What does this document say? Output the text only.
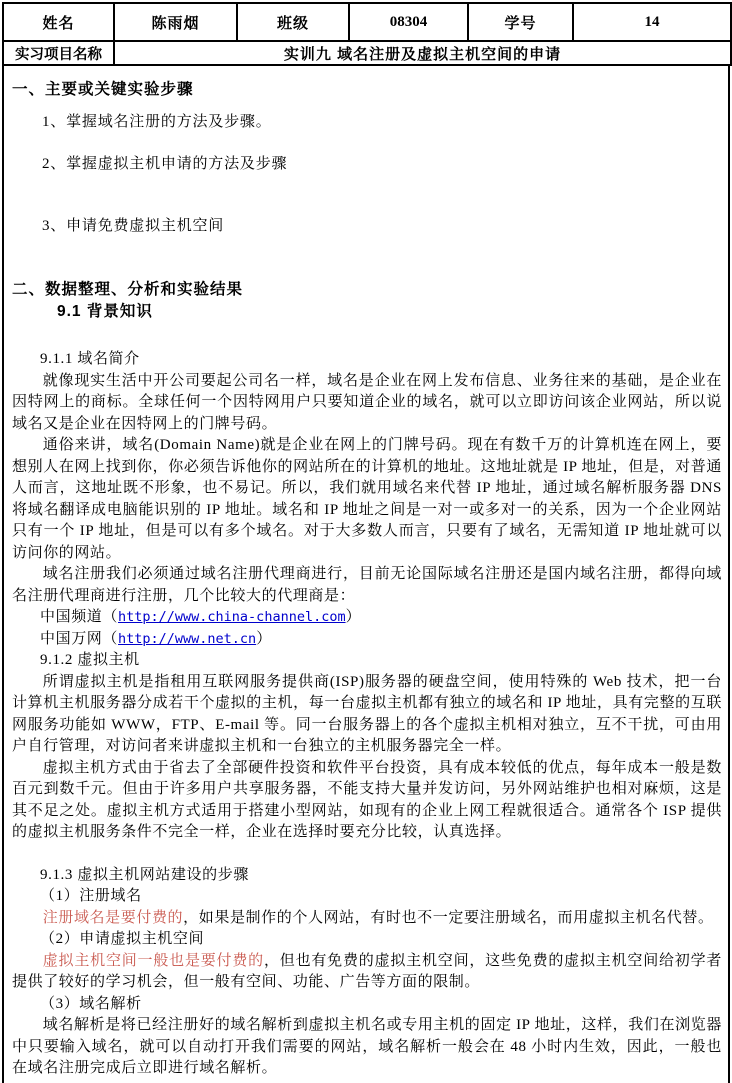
姓名	陈雨烟	班级	08304	学号	14
实习项目名称	实训九 域名注册及虚拟主机空间的申请				
一、主要或关键实验步骤
1、掌握域名注册的方法及步骤。
2、掌握虚拟主机申请的方法及步骤
3、申请免费虚拟主机空间
二、数据整理、分析和实验结果
9.1 背景知识
9.1.1 域名简介

就像现实生活中开公司要起公司名一样，域名是企业在网上发布信息、业务往来的基础，是企业在因特网上的商标。全球任何一个因特网用户只要知道企业的域名，就可以立即访问该企业网站，所以说域名又是企业在因特网上的门牌号码。

通俗来讲，域名(Domain Name)就是企业在网上的门牌号码。现在有数千万的计算机连在网上，要想别人在网上找到你，你必须告诉他你的网站所在的计算机的地址。这地址就是 IP 地址，但是，对普通人而言，这地址既不形象，也不易记。所以，我们就用域名来代替 IP 地址，通过域名解析服务器 DNS 将域名翻译成电脑能识别的 IP 地址。域名和 IP 地址之间是一对一或多对一的关系，因为一个企业网站只有一个 IP 地址，但是可以有多个域名。对于大多数人而言，只要有了域名，无需知道 IP 地址就可以访问你的网站。

域名注册我们必须通过域名注册代理商进行，目前无论国际域名注册还是国内域名注册，都得向域名注册代理商进行注册，几个比较大的代理商是：

中国频道（http://www.china-channel.com）
中国万网（http://www.net.cn）
9.1.2 虚拟主机

所谓虚拟主机是指租用互联网服务提供商(ISP)服务器的硬盘空间，使用特殊的 Web 技术，把一台计算机主机服务器分成若干个虚拟的主机，每一台虚拟主机都有独立的域名和 IP 地址，具有完整的互联网服务功能如 WWW，FTP、E-mail 等。同一台服务器上的各个虚拟主机相对独立，互不干扰，可由用户自行管理，对访问者来讲虚拟主机和一台独立的主机服务器完全一样。

虚拟主机方式由于省去了全部硬件投资和软件平台投资，具有成本较低的优点，每年成本一般是数百元到数千元。但由于许多用户共享服务器，不能支持大量并发访问，另外网站维护也相对麻烦，这是其不足之处。虚拟主机方式适用于搭建小型网站，如现有的企业上网工程就很适合。通常各个 ISP 提供的虚拟主机服务条件不完全一样，企业在选择时要充分比较，认真选择。

9.1.3 虚拟主机网站建设的步骤
（1）注册域名

注册域名是要付费的，如果是制作的个人网站，有时也不一定要注册域名，而用虚拟主机名代替。

（2）申请虚拟主机空间

虚拟主机空间一般也是要付费的，但也有免费的虚拟主机空间，这些免费的虚拟主机空间给初学者提供了较好的学习机会，但一般有空间、功能、广告等方面的限制。

（3）域名解析

域名解析是将已经注册好的域名解析到虚拟主机名或专用主机的固定 IP 地址，这样，我们在浏览器中只要输入域名，就可以自动打开我们需要的网站，域名解析一般会在 48 小时内生效，因此，一般也在域名注册完成后立即进行域名解析。
